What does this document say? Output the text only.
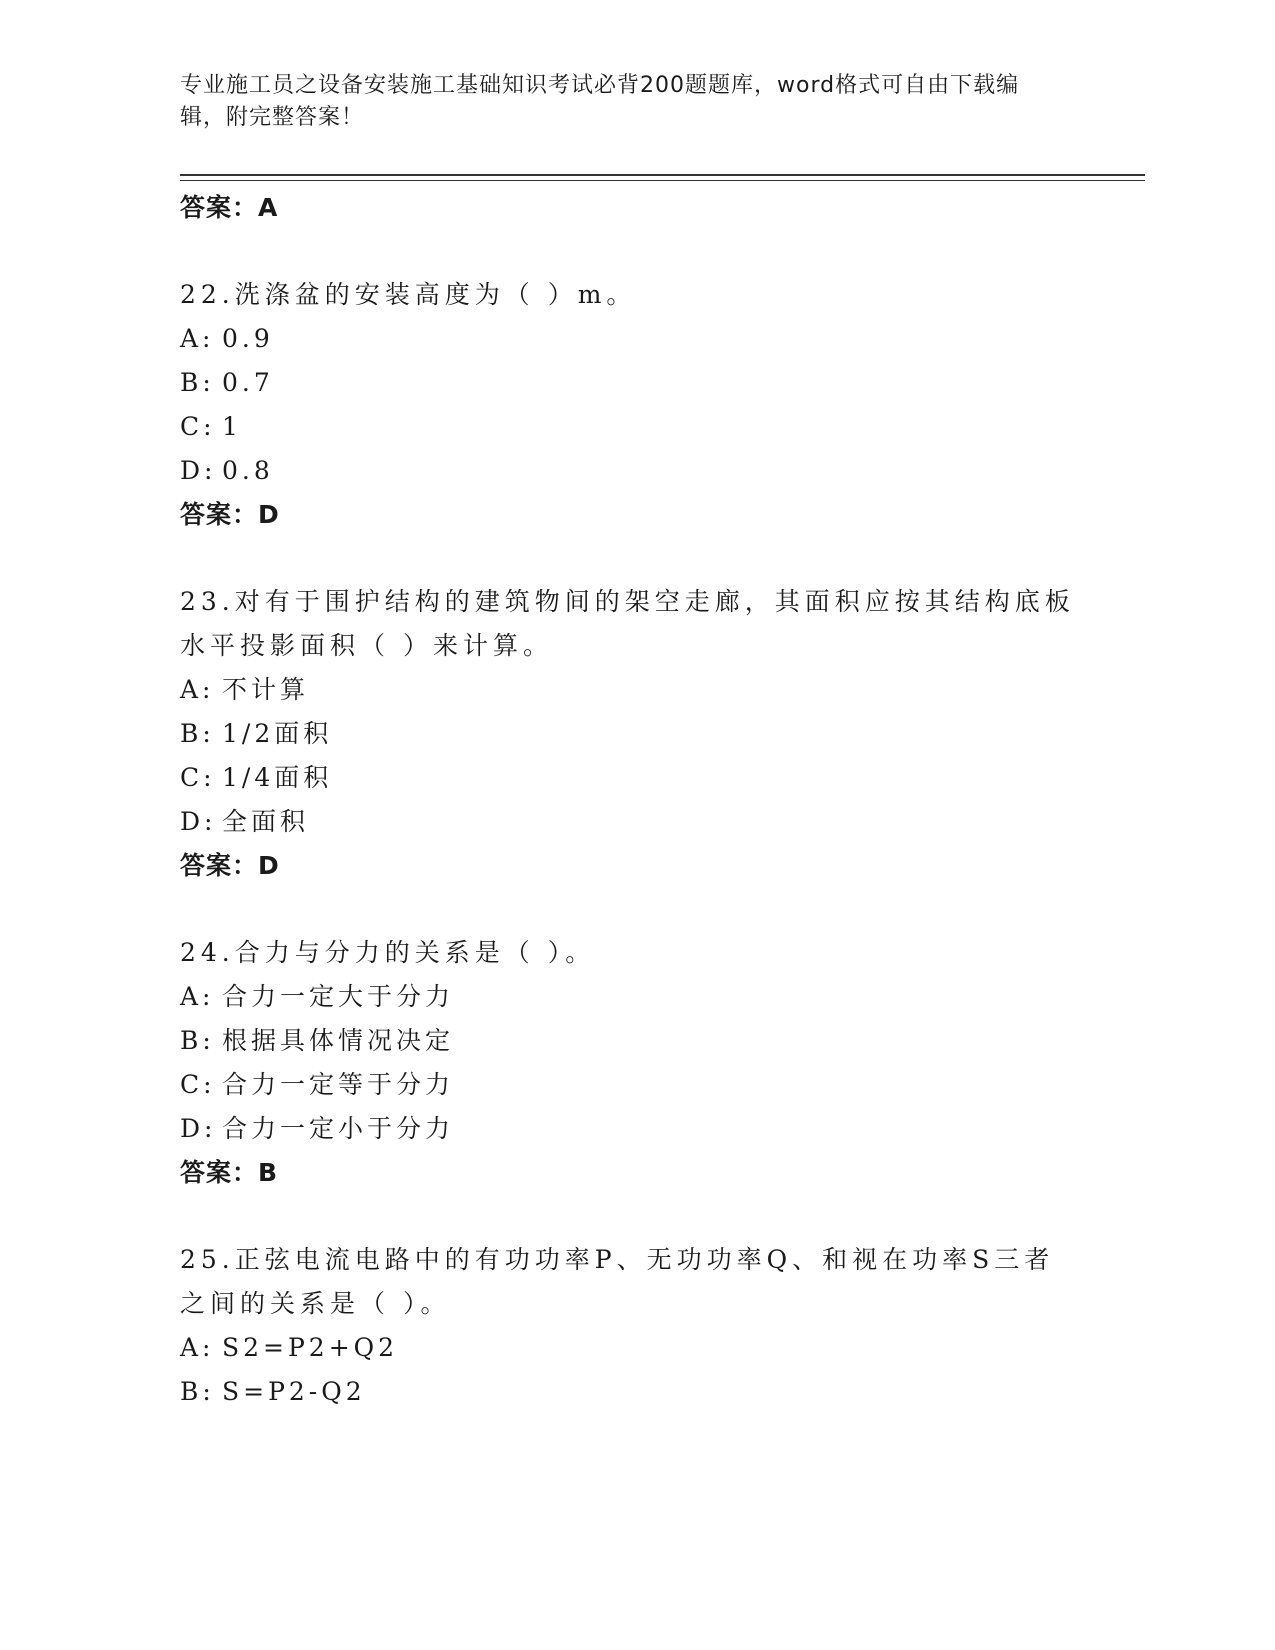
专业施工员之设备安装施工基础知识考试必背200题题库，word格式可自由下载编辑，附完整答案！
答案：A

22.洗涤盆的安装高度为（ ）m。

A: 0.9
B: 0.7
C: 1
D: 0.8
答案：D

23.对有于围护结构的建筑物间的架空走廊，其面积应按其结构底板水平投影面积（ ）来计算。

A: 不计算
B: 1/2面积
C: 1/4面积
D: 全面积
答案：D

24.合力与分力的关系是（ ）。

A: 合力一定大于分力
B: 根据具体情况决定
C: 合力一定等于分力
D: 合力一定小于分力
答案：B

25.正弦电流电路中的有功功率P、无功功率Q、和视在功率S三者之间的关系是（ ）。

A: S2=P2+Q2
B: S=P2-Q2
